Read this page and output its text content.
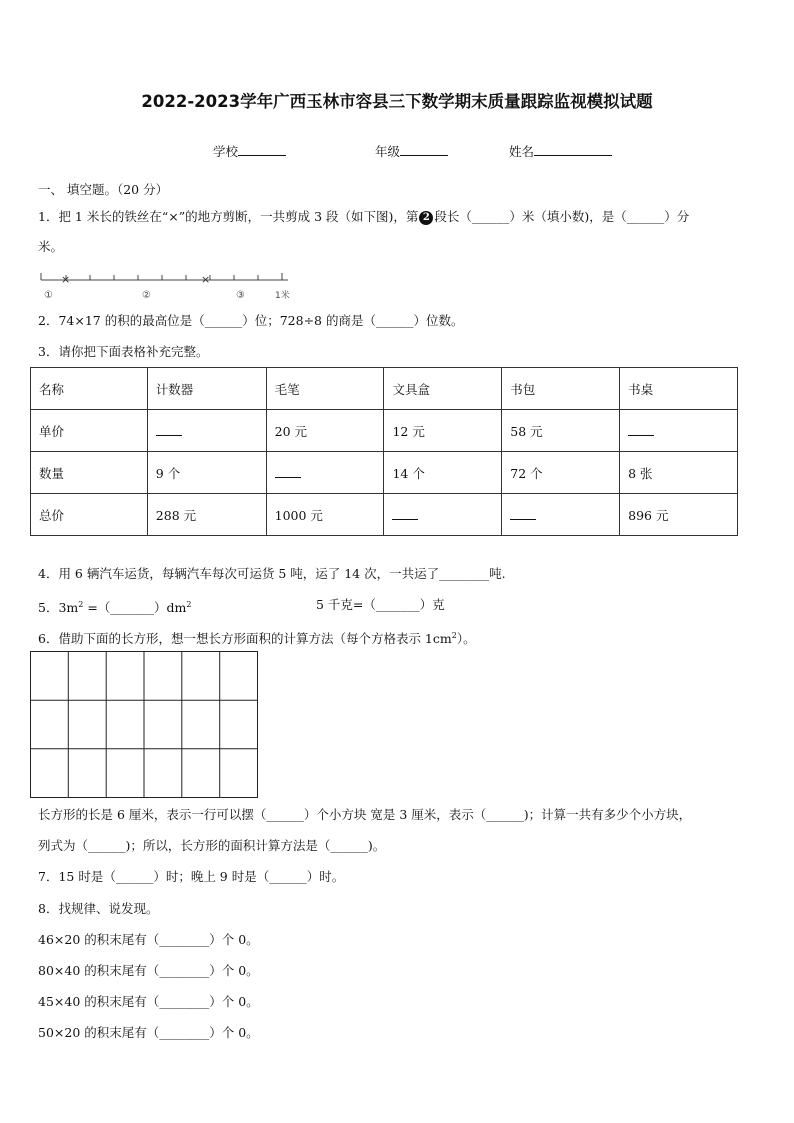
2022-2023学年广西玉林市容县三下数学期末质量跟踪监视模拟试题
学校	年级	姓名
一、 填空题。（20 分）
1．把 1 米长的铁丝在“×”的地方剪断，一共剪成 3 段（如下图)，第 2 段长（______）米（填小数)，是（______）分
米。
×	×
①	②	③	1米
2．74×17 的积的最高位是（______）位；728÷8 的商是（______）位数。
3．请你把下面表格补充完整。
名称	计数器	毛笔	文具盒	书包	书桌
单价		20 元	12 元	58 元	
数量	9 个		14 个	72 个	8 张
总价	288 元	1000 元			896 元
4．用 6 辆汽车运货，每辆汽车每次可运货 5 吨，运了 14 次，一共运了________吨.
5．$3m^2$ $=(\_\_\_\_\_\_\_)dm^2$	5 千克=（_______）克
6．借助下面的长方形，想一想长方形面积的计算方法（每个方格表示 $1cm^2$）。
长方形的长是 6 厘米，表示一行可以摆（______）个小方块 宽是 3 厘米，表示（______)；计算一共有多少个小方块，
列式为（______)；所以，长方形的面积计算方法是（______)。
7．15 时是（______）时；晚上 9 时是（______）时。
8．找规律、说发现。
46×20 的积末尾有（________）个 0。
80×40 的积末尾有（________）个 0。
45×40 的积末尾有（________）个 0。
50×20 的积末尾有（________）个 0。
